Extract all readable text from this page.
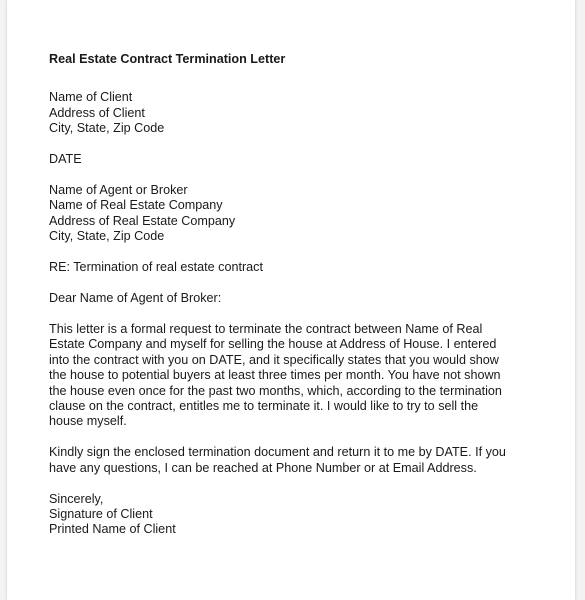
Real Estate Contract Termination Letter
Name of Client
Address of Client
City, State, Zip Code
DATE
Name of Agent or Broker
Name of Real Estate Company
Address of Real Estate Company
City, State, Zip Code
RE: Termination of real estate contract
Dear Name of Agent of Broker:
This letter is a formal request to terminate the contract between Name of Real
Estate Company and myself for selling the house at Address of House. I entered
into the contract with you on DATE, and it specifically states that you would show
the house to potential buyers at least three times per month. You have not shown
the house even once for the past two months, which, according to the termination
clause on the contract, entitles me to terminate it. I would like to try to sell the
house myself.
Kindly sign the enclosed termination document and return it to me by DATE. If you
have any questions, I can be reached at Phone Number or at Email Address.
Sincerely,
Signature of Client
Printed Name of Client
